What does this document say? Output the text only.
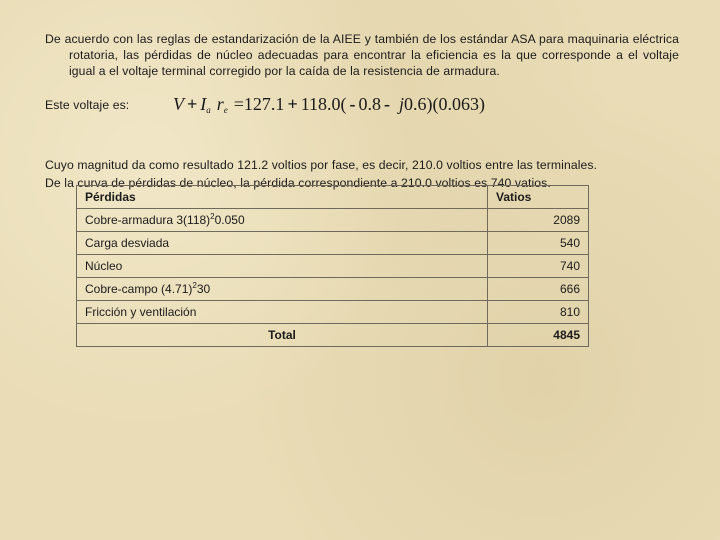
De acuerdo con las reglas de estandarización de la AIEE y también de los estándar ASA para maquinaria eléctrica rotatoria, las pérdidas de núcleo adecuadas para encontrar la eficiencia es la que corresponde a el voltaje igual a el voltaje terminal corregido por la caída de la resistencia de armadura.
Este voltaje es:	$V + I_a$ $r_e =127.1 + 118.0( - 0.8 - j0.6)(0.063)$
Cuyo magnitud da como resultado 121.2 voltios por fase, es decir, 210.0 voltios entre las terminales.
De la curva de pérdidas de núcleo, la pérdida correspondiente a 210.0 voltios es 740 vatios.
Pérdidas	Vatios
Cobre-armadura $3(118)^20.050$	2089
Carga desviada	540
Núcleo	740
Cobre-campo $(4.71)^230$	666
Fricción y ventilación	810
Total	4845
